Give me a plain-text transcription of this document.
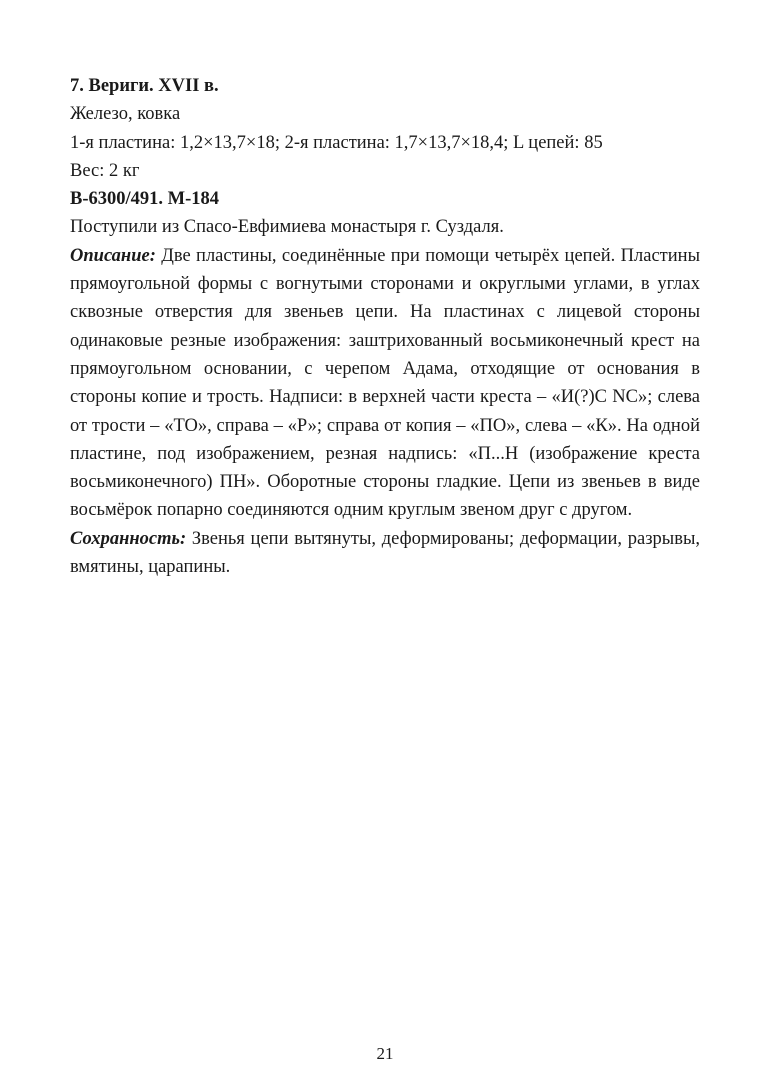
7. Вериги. XVII в.

Железо, ковка

1-я пластина: 1,2×13,7×18; 2-я пластина: 1,7×13,7×18,4; L цепей: 85

Вес: 2 кг

В-6300/491. М-184

Поступили из Спасо-Евфимиева монастыря г. Суздаля.

Описание: Две пластины, соединённые при помощи четырёх цепей. Пластины прямоугольной формы с вогнутыми сторонами и округлыми углами, в углах сквозные отверстия для звеньев цепи. На пластинах с лицевой стороны одинаковые резные изображения: заштрихованный восьмиконечный крест на прямоугольном основании, с черепом Адама, отходящие от основания в стороны копие и трость. Надписи: в верхней части креста – «И(?)С NC»; слева от трости – «ТО», справа – «Р»; справа от копия – «ПО», слева – «К». На одной пластине, под изображением, резная надпись: «П...Н (изображение креста восьмиконечного) ПН». Оборотные стороны гладкие. Цепи из звеньев в виде восьмёрок попарно соединяются одним круглым звеном друг с другом.

Сохранность: Звенья цепи вытянуты, деформированы; деформации, разрывы, вмятины, царапины.

21
